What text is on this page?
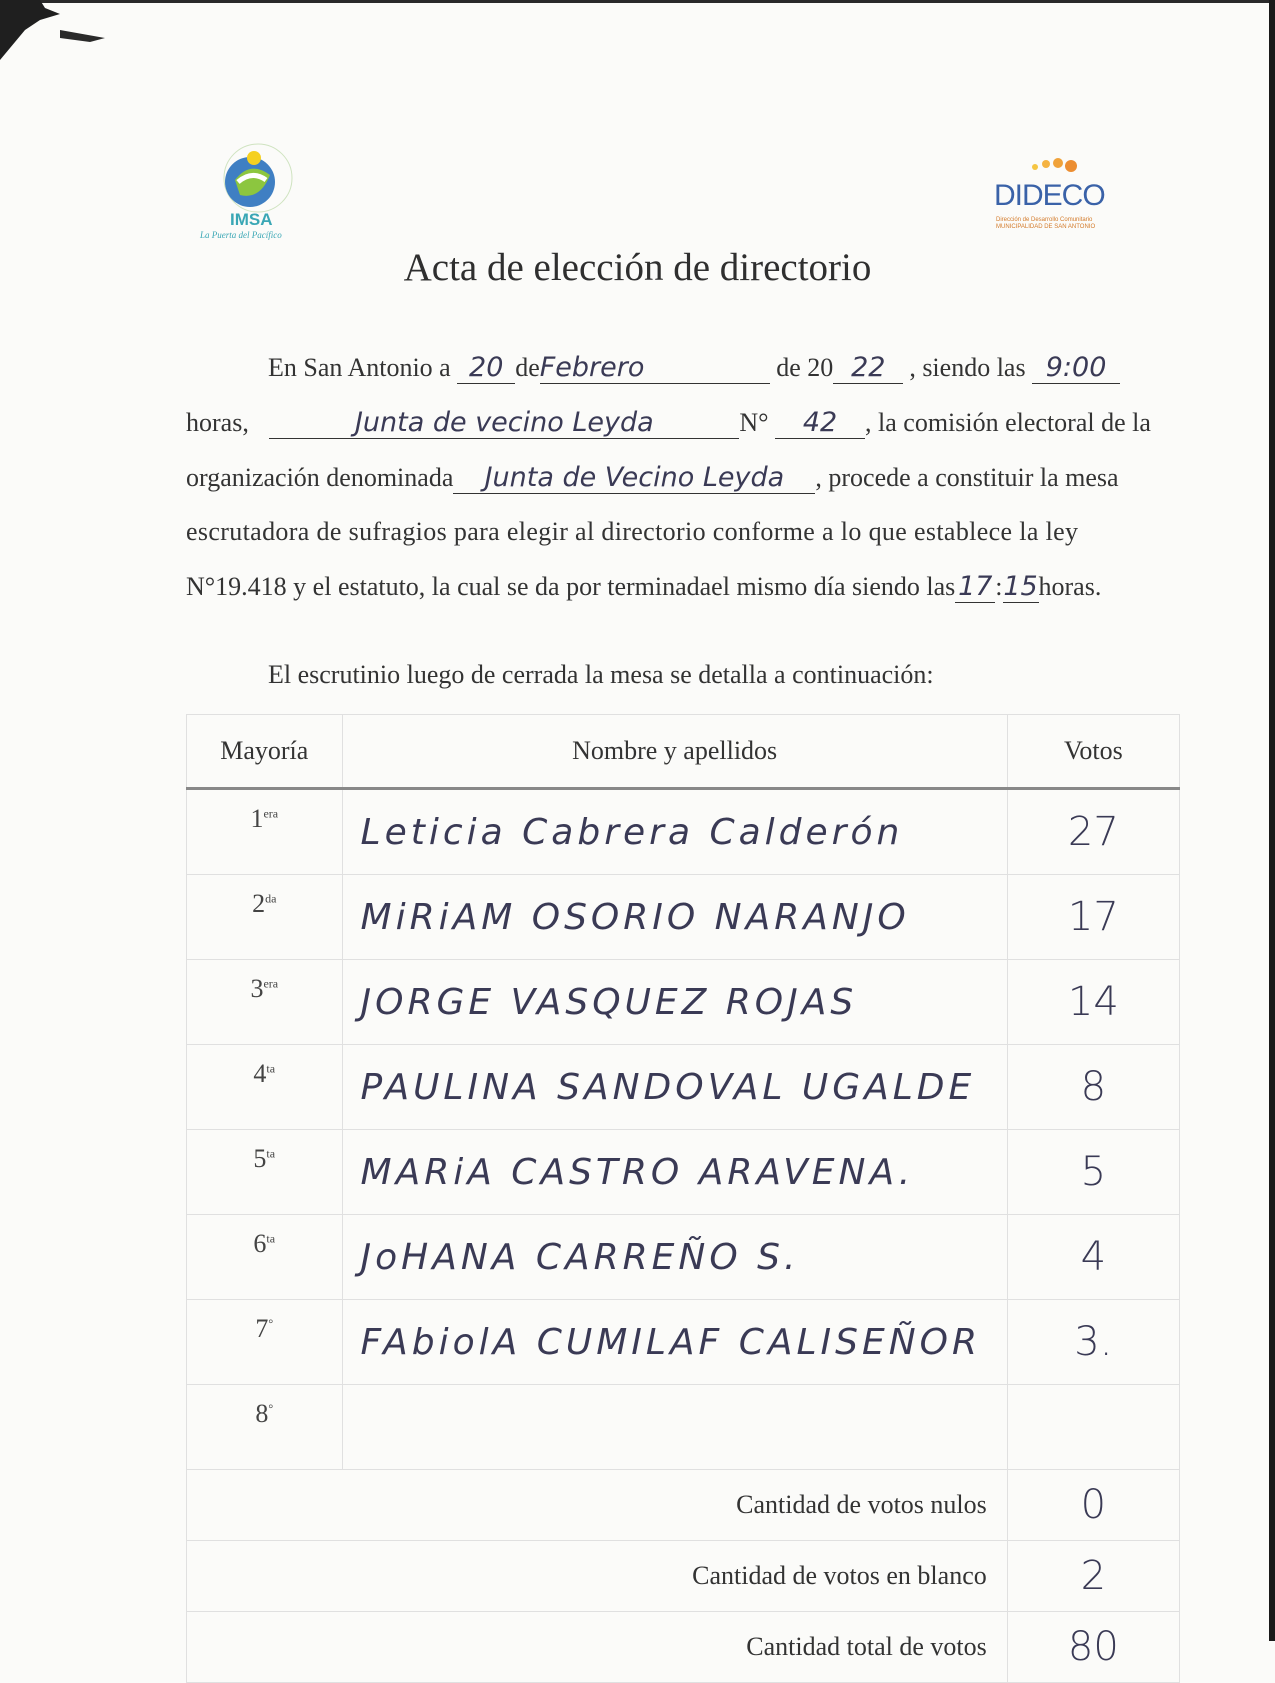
IMSA
La Puerta del Pacífico
DIDECO
Dirección de Desarrollo Comunitario
MUNICIPALIDAD DE SAN ANTONIO
Acta de elección de directorio
En San Antonio a 20 deFebrero	de 20 22 , siendo las 9:00
horas,	Junta de vecino Leyda	N° 42 , la comisión electoral de la
organización denominada Junta de Vecino Leyda , procede a constituir la mesa
escrutadora de sufragios para elegir al directorio conforme a lo que establece la ley
N°19.418 y el estatuto, la cual se da por terminadael mismo día siendo las 17 :15horas.
El escrutinio luego de cerrada la mesa se detalla a continuación:
Mayoría	Nombre y apellidos	Votos
$1^{era}$	Leticia Cabrera Calderón	27
$2^{da}$	MiRiAM OSORIO NARANJO	17
$3^{era}$	JORGE VASQUEZ ROJAS	14
$4^{ta}$	PAULINA SANDOVAL UGALDE	8
$5^{ta}$	MARiA CASTRO ARAVENA.	5
$6^{ta}$	JoHANA CARREÑO S.	4
7°	FAbiolA CUMILAF CALISEÑOR	3.
8°		
Cantidad de votos nulos		0
Cantidad de votos en blanco		2
Cantidad total de votos		80
